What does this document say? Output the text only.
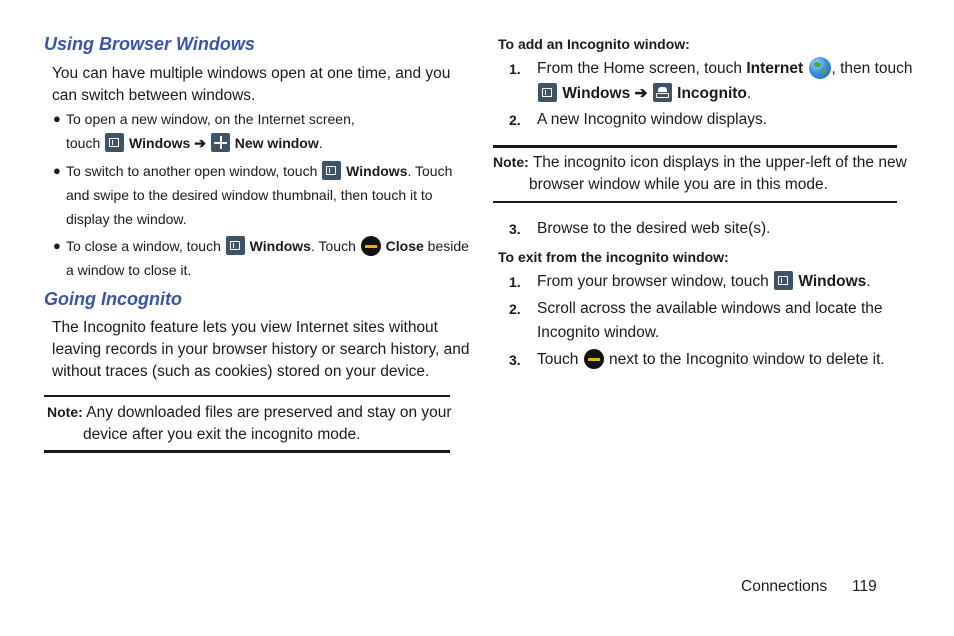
Using Browser Windows
You can have multiple windows open at one time, and you
can switch between windows.
● To open a new window, on the Internet screen,
touch Windows ➔ New window.
● To switch to another open window, touch Windows. Touch
and swipe to the desired window thumbnail, then touch it to
display the window.
● To close a window, touch Windows. Touch Close beside
a window to close it.
Going Incognito
The Incognito feature lets you view Internet sites without
leaving records in your browser history or search history, and
without traces (such as cookies) stored on your device.
Note: Any downloaded files are preserved and stay on your
device after you exit the incognito mode.
To add an Incognito window:
1. From the Home screen, touch Internet , then touch
Windows ➔ Incognito.
2. A new Incognito window displays.
Note: The incognito icon displays in the upper-left of the new
browser window while you are in this mode.
3. Browse to the desired web site(s).
To exit from the incognito window:
1. From your browser window, touch Windows.
2. Scroll across the available windows and locate the
Incognito window.
3. Touch next to the Incognito window to delete it.
Connections 119
